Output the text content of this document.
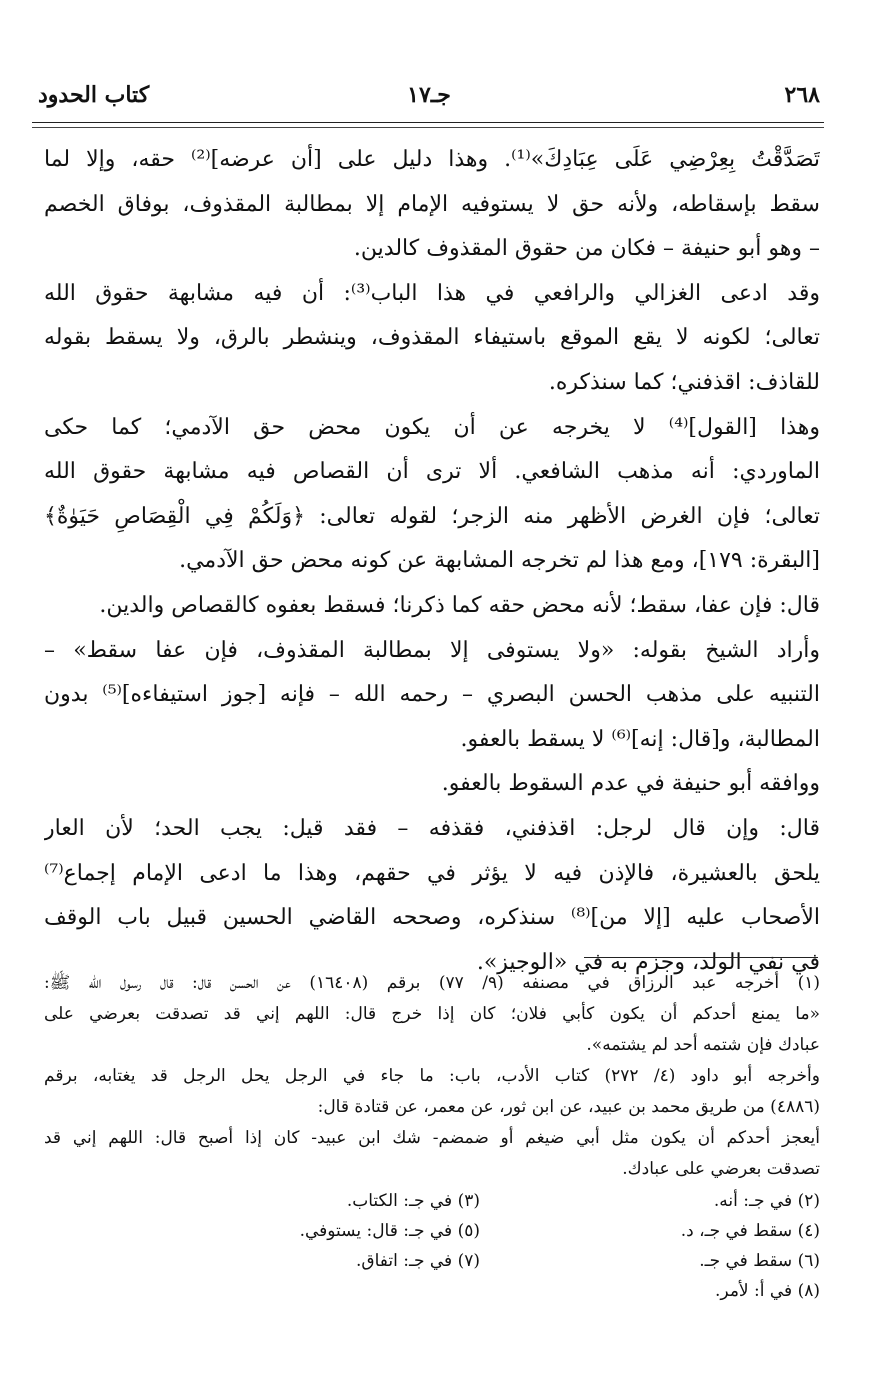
٢٦٨
جـ١٧
كتاب الحدود
تَصَدَّقْتُ بِعِرْضِي عَلَى عِبَادِكَ»⁽¹⁾. وهذا دليل على [أن عرضه]⁽²⁾ حقه، وإلا لما
سقط بإسقاطه، ولأنه حق لا يستوفيه الإمام إلا بمطالبة المقذوف، بوفاق الخصم
– وهو أبو حنيفة – فكان من حقوق المقذوف كالدين.
وقد ادعى الغزالي والرافعي في هذا الباب⁽³⁾: أن فيه مشابهة حقوق الله
تعالى؛ لكونه لا يقع الموقع باستيفاء المقذوف، وينشطر بالرق، ولا يسقط بقوله
للقاذف: اقذفني؛ كما سنذكره.
وهذا [القول]⁽⁴⁾ لا يخرجه عن أن يكون محض حق الآدمي؛ كما حكى
الماوردي: أنه مذهب الشافعي. ألا ترى أن القصاص فيه مشابهة حقوق الله
تعالى؛ فإن الغرض الأظهر منه الزجر؛ لقوله تعالى: ﴿وَلَكُمْ فِي الْقِصَاصِ حَيَوٰةٌ﴾
[البقرة: ١٧٩]، ومع هذا لم تخرجه المشابهة عن كونه محض حق الآدمي.
قال: فإن عفا، سقط؛ لأنه محض حقه كما ذكرنا؛ فسقط بعفوه كالقصاص والدين.
وأراد الشيخ بقوله: «ولا يستوفى إلا بمطالبة المقذوف، فإن عفا سقط» –
التنبيه على مذهب الحسن البصري – رحمه الله – فإنه [جوز استيفاءه]⁽⁵⁾ بدون
المطالبة، و[قال: إنه]⁽⁶⁾ لا يسقط بالعفو.
ووافقه أبو حنيفة في عدم السقوط بالعفو.
قال: وإن قال لرجل: اقذفني، فقذفه – فقد قيل: يجب الحد؛ لأن العار
يلحق بالعشيرة، فالإذن فيه لا يؤثر في حقهم، وهذا ما ادعى الإمام إجماع⁽⁷⁾
الأصحاب عليه [إلا من]⁽⁸⁾ سنذكره، وصححه القاضي الحسين قبيل باب الوقف
في نفي الولد، وجزم به في «الوجيز».
(١) أخرجه عبد الرزاق في مصنفه (٩/ ٧٧) برقم (١٦٤٠٨) عن الحسن قال: قال رسول الله ﷺ:
«ما يمنع أحدكم أن يكون كأبي فلان؛ كان إذا خرج قال: اللهم إني قد تصدقت بعرضي على
عبادك فإن شتمه أحد لم يشتمه».
وأخرجه أبو داود (٤/ ٢٧٢) كتاب الأدب، باب: ما جاء في الرجل يحل الرجل قد يغتابه، برقم
(٤٨٨٦) من طريق محمد بن عبيد، عن ابن ثور، عن معمر، عن قتادة قال:
أيعجز أحدكم أن يكون مثل أبي ضيغم أو ضمضم- شك ابن عبيد- كان إذا أصبح قال: اللهم إني قد
تصدقت بعرضي على عبادك.
(٢) في جـ: أنه.
(٣) في جـ: الكتاب.
(٤) سقط في جـ، د.
(٥) في جـ: قال: يستوفي.
(٦) سقط في جـ.
(٧) في جـ: اتفاق.
(٨) في أ: لأمر.
